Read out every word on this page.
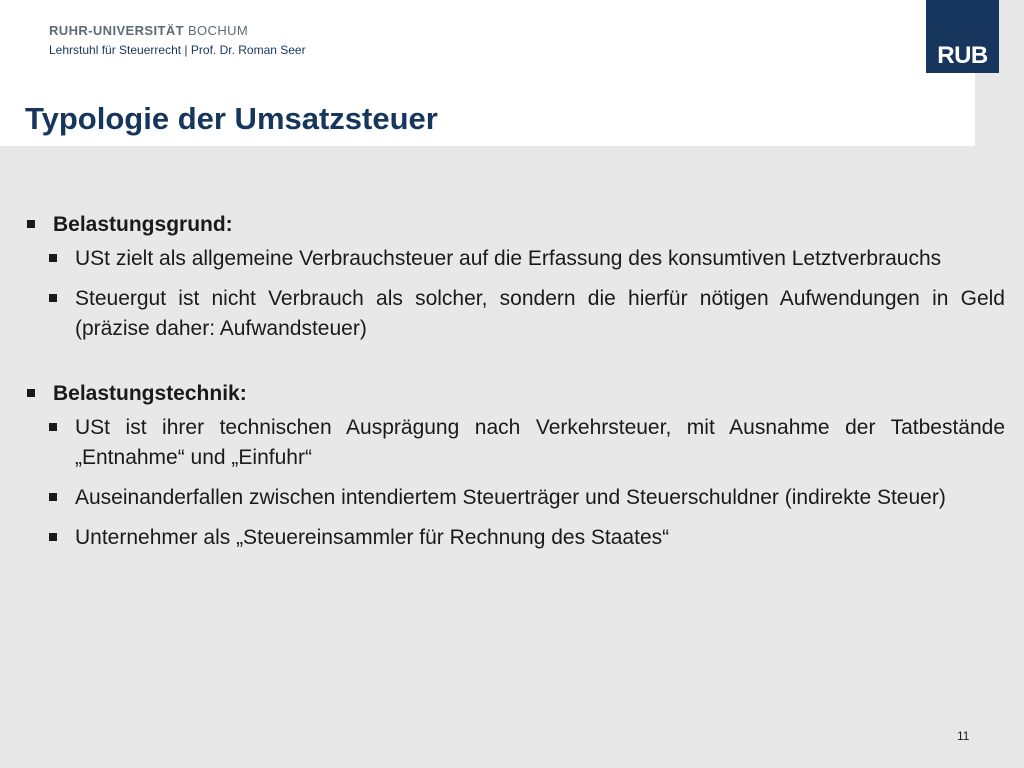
RUHR-UNIVERSITÄT BOCHUM
Lehrstuhl für Steuerrecht | Prof. Dr. Roman Seer	RUB
Typologie der Umsatzsteuer
Belastungsgrund:
USt zielt als allgemeine Verbrauchsteuer auf die Erfassung des konsumtiven Letztverbrauchs
Steuergut ist nicht Verbrauch als solcher, sondern die hierfür nötigen Aufwendungen in Geld (präzise daher: Aufwandsteuer)
Belastungstechnik:
USt ist ihrer technischen Ausprägung nach Verkehrsteuer, mit Ausnahme der Tatbestände „Entnahme“ und „Einfuhr“
Auseinanderfallen zwischen intendiertem Steuerträger und Steuerschuldner (indirekte Steuer)
Unternehmer als „Steuereinsammler für Rechnung des Staates“
11
